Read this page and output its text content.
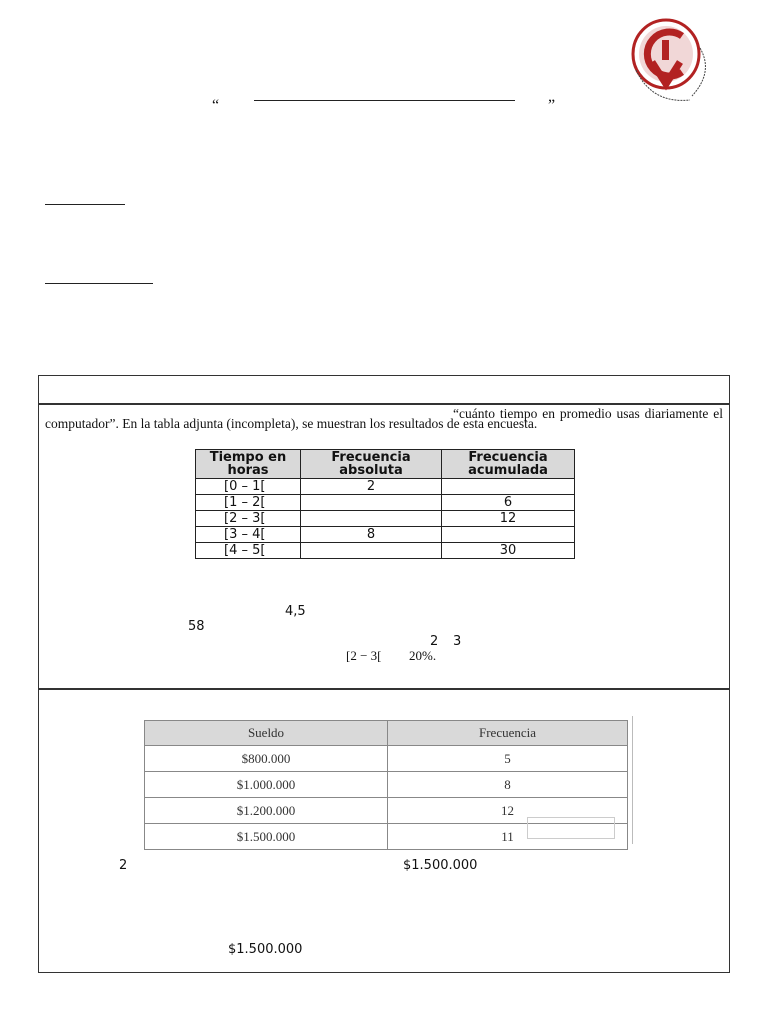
“	”
“cuánto tiempo en promedio usas diariamente el
computador”. En la tabla adjunta (incompleta), se muestran los resultados de esta encuesta.
Tiempo en horas	Frecuencia absoluta	Frecuencia acumulada
[0 – 1[	2	
[1 – 2[		6
[2 – 3[		12
[3 – 4[	8	
[4 – 5[		30
4,5
58
2 3
[2 − 3[ 20%.
Sueldo	Frecuencia
$800.000	5
$1.000.000	8
$1.200.000	12
$1.500.000	11
2	$1.500.000
$1.500.000
